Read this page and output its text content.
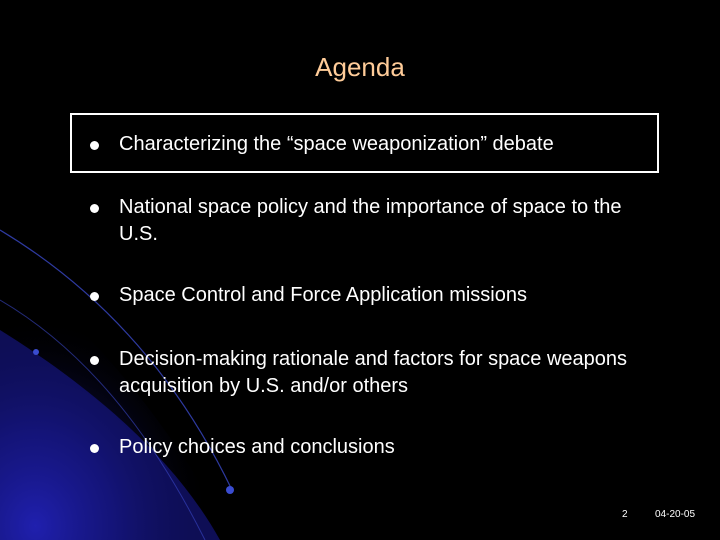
Agenda
Characterizing the “space weaponization” debate
National space policy and the importance of space to the U.S.
Space Control and Force Application missions
Decision-making rationale and factors for space weapons acquisition by U.S. and/or others
Policy choices and conclusions
2	04-20-05
